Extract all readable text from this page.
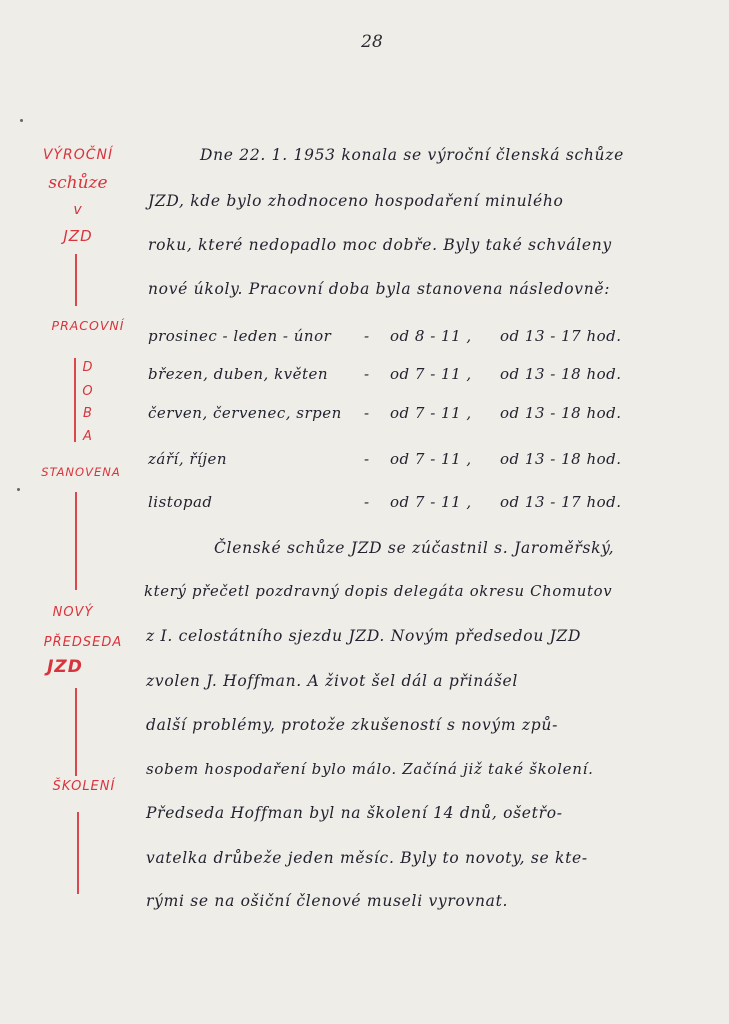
28
VÝROČNÍ
schůze
v
JZD
PRACOVNÍ
D
O
B
A
STANOVENA
NOVÝ
PŘEDSEDA
JZD
ŠKOLENÍ
Dne 22. 1. 1953 konala se výroční členská schůze
JZD, kde bylo zhodnoceno hospodaření minulého
roku, které nedopadlo moc dobře. Byly také schváleny
nové úkoly. Pracovní doba byla stanovena následovně:
prosinec - leden - únor - od 8 - 11 , od 13 - 17 hod.
březen, duben, květen - od 7 - 11 , od 13 - 18 hod.
červen, červenec, srpen - od 7 - 11 , od 13 - 18 hod.
září, říjen	- od 7 - 11 , od 13 - 18 hod.
listopad	- od 7 - 11 , od 13 - 17 hod.
Členské schůze JZD se zúčastnil s. Jaroměřský,
který přečetl pozdravný dopis delegáta okresu Chomutov
z I. celostátního sjezdu JZD. Novým předsedou JZD
zvolen J. Hoffman. A život šel dál a přinášel
další problémy, protože zkušeností s novým způ-
sobem hospodaření bylo málo. Začíná již také školení.
Předseda Hoffman byl na školení 14 dnů, ošetřo-
vatelka drůbeže jeden měsíc. Byly to novoty, se kte-
rými se na ošiční členové museli vyrovnat.
